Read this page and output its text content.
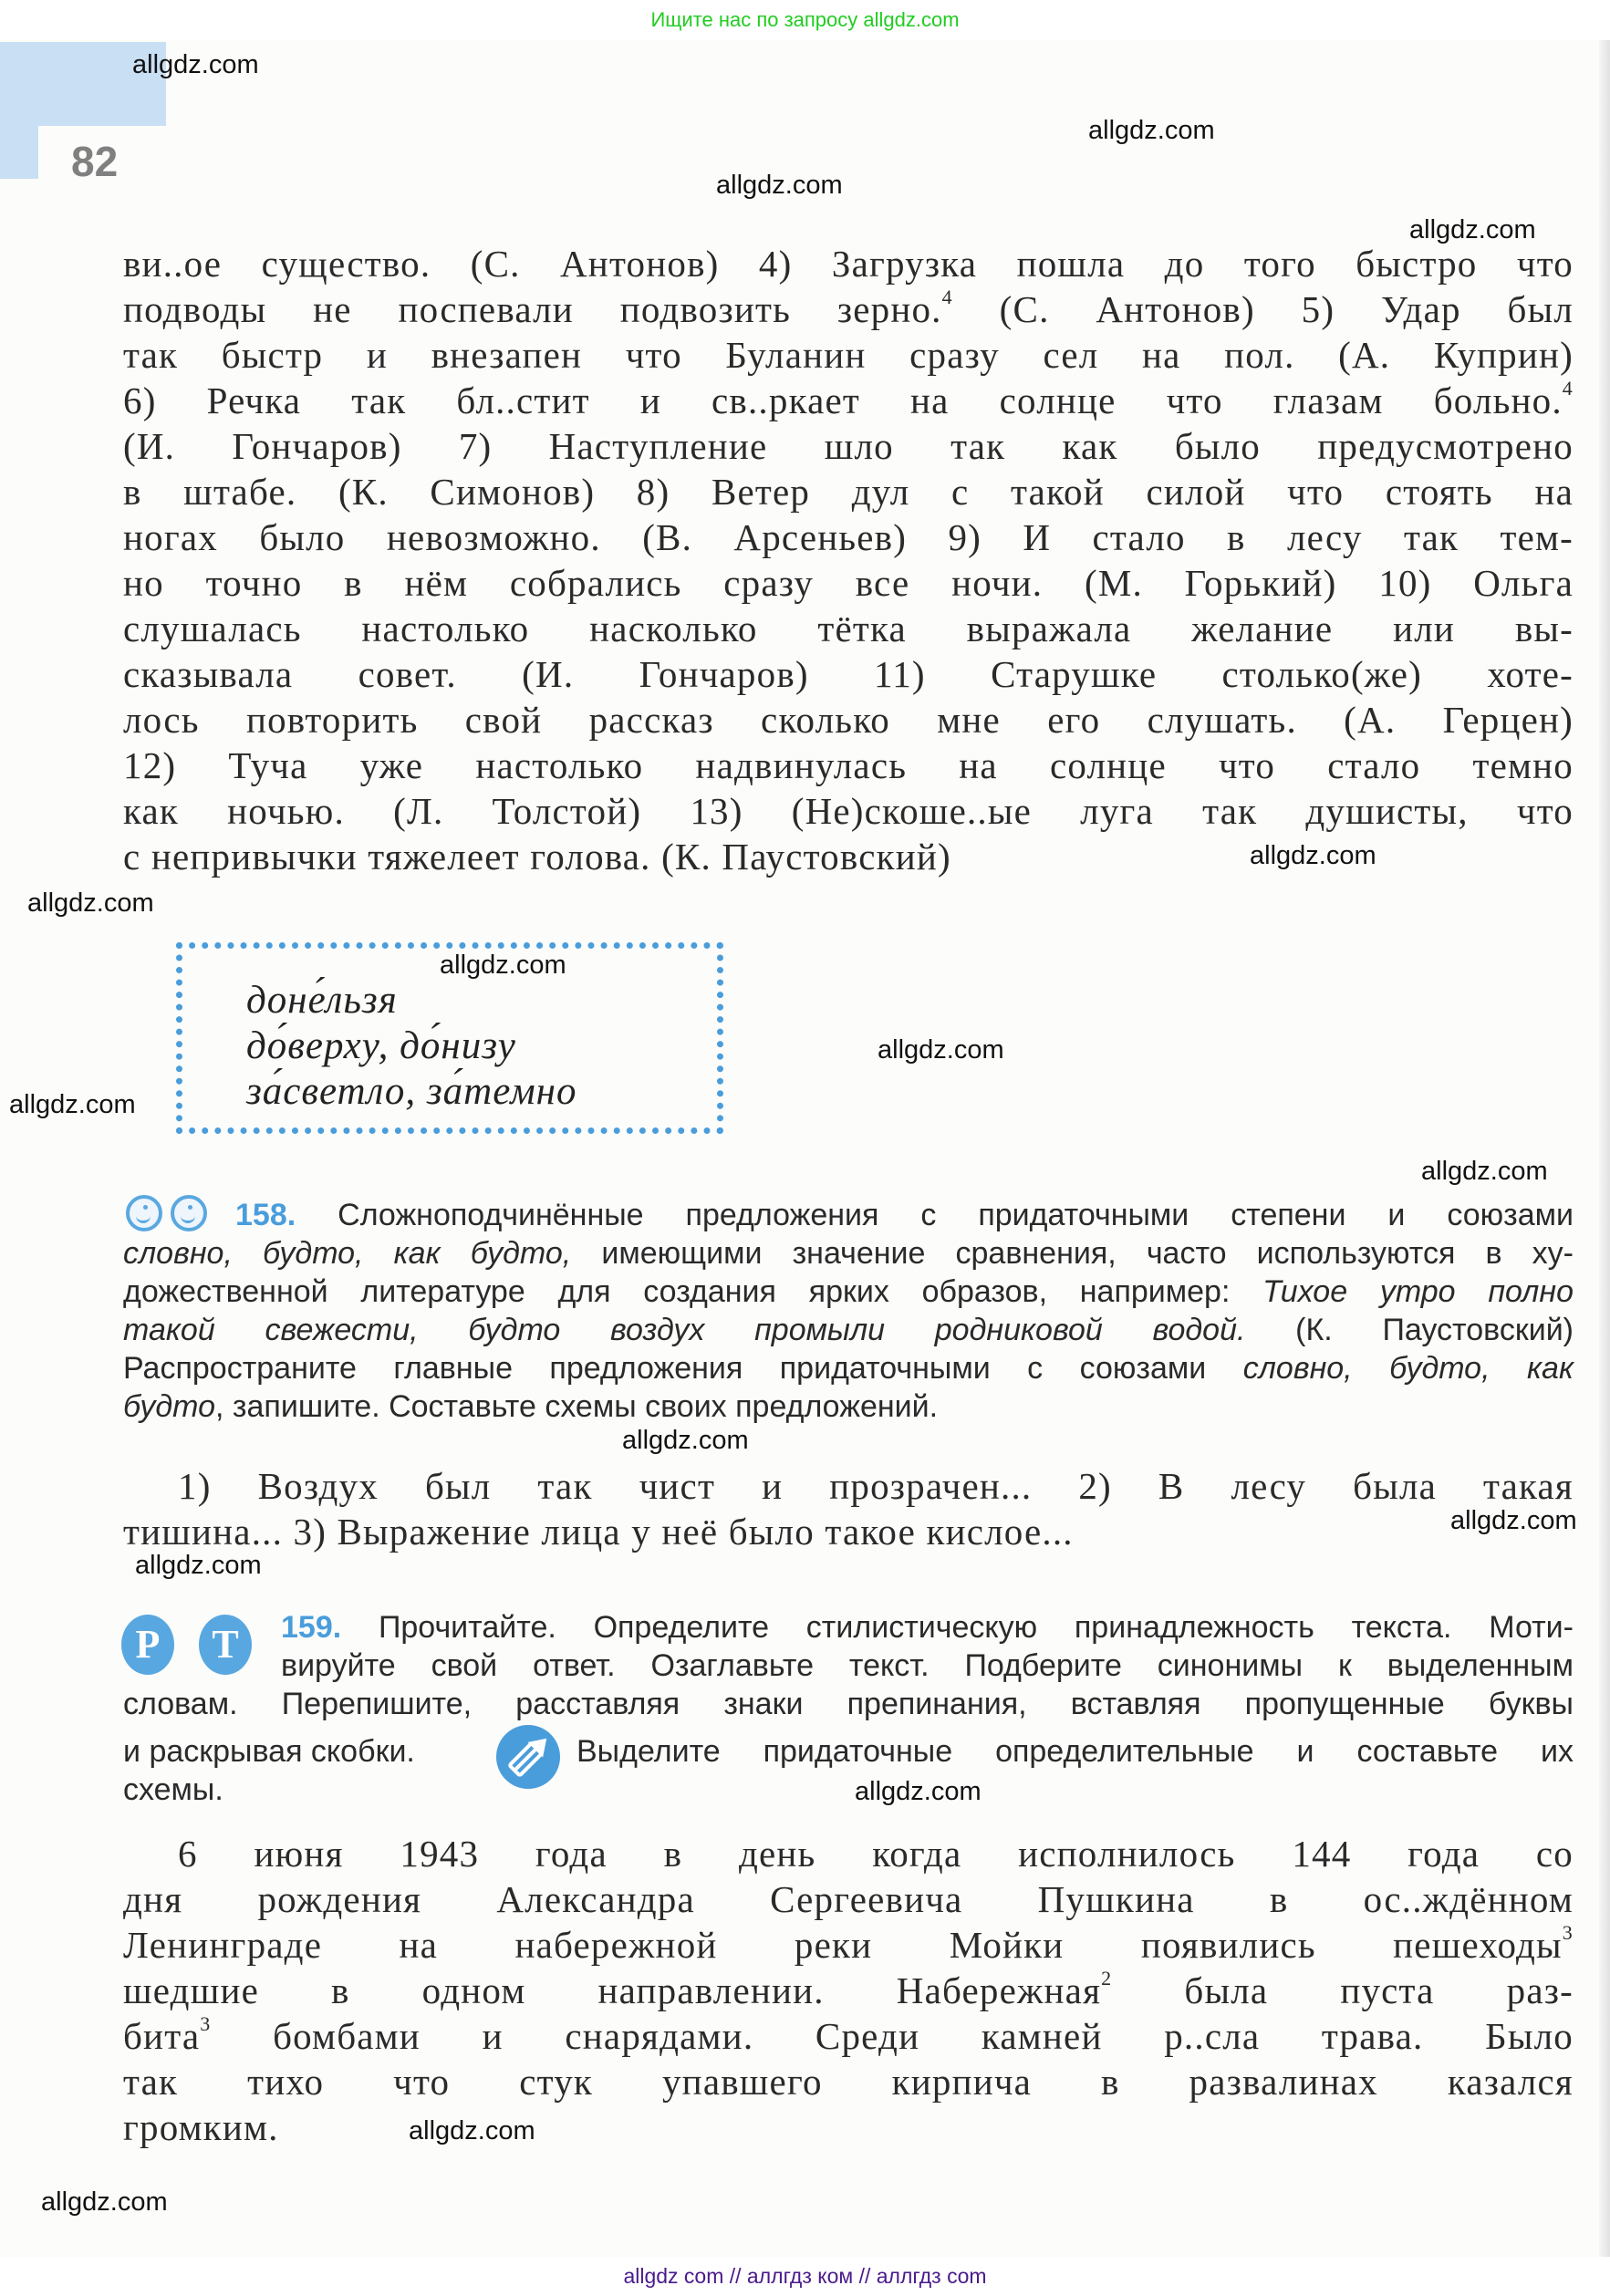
Ищите нас по запросу allgdz.com
82
ви..ое существо. (С. Антонов) 4) Загрузка пошла до того быстро что
подводы не поспевали подвозить зерно.$^4$ (С. Антонов) 5) Удар был
так быстр и внезапен что Буланин сразу сел на пол. (А. Куприн)
6) Речка так бл..стит и св..ркает на солнце что глазам больно.$^4$
(И. Гончаров) 7) Наступление шло так как было предусмотрено
в штабе. (К. Симонов) 8) Ветер дул с такой силой что стоять на
ногах было невозможно. (В. Арсеньев) 9) И стало в лесу так тем-
но точно в нём собрались сразу все ночи. (М. Горький) 10) Ольга
слушалась настолько насколько тётка выражала желание или вы-
сказывала совет. (И. Гончаров) 11) Старушке столько(же) хоте-
лось повторить свой рассказ сколько мне его слушать. (А. Герцен)
12) Туча уже настолько надвинулась на солнце что стало темно
как ночью. (Л. Толстой) 13) (Не)скоше..ые луга так душисты, что
с непривычки тяжелеет голова. (К. Паустовский)
доне́льзя
до́верху, до́низу
за́светло, за́темно
158. Сложноподчинённые предложения с придаточными степени и союзами
словно, будто, как будто, имеющими значение сравнения, часто используются в ху-
дожественной литературе для создания ярких образов, например: Тихое утро полно
такой свежести, будто воздух промыли родниковой водой. (К. Паустовский)
Распространите главные предложения придаточными с союзами словно, будто, как
будто, запишите. Составьте схемы своих предложений.
1) Воздух был так чист и прозрачен... 2) В лесу была такая
тишина... 3) Выражение лица у неё было такое кислое...
Р	Т	159. Прочитайте. Определите стилистическую принадлежность текста. Моти-
вируйте свой ответ. Озаглавьте текст. Подберите синонимы к выделенным
словам. Перепишите, расставляя знаки препинания, вставляя пропущенные буквы
и раскрывая скобки.	Выделите придаточные определительные и составьте их
схемы.
6 июня 1943 года в день когда исполнилось 144 года со
дня рождения Александра Сергеевича Пушкина в ос..ждённом
Ленинграде на набережной реки Мойки появились пешеходы$^3$
шедшие в одном направлении. Набережная$^2$ была пуста раз-
бита$^3$ бомбами и снарядами. Среди камней р..сла трава. Было
так тихо что стук упавшего кирпича в развалинах казался
громким.
allgdz.com
allgdz.com
allgdz.com
allgdz.com
allgdz.com
allgdz.com
allgdz.com
allgdz.com
allgdz.com
allgdz.com
allgdz.com
allgdz.com
allgdz.com
allgdz.com
allgdz.com
allgdz.com
allgdz com // аллгдз ком // аллгдз com
